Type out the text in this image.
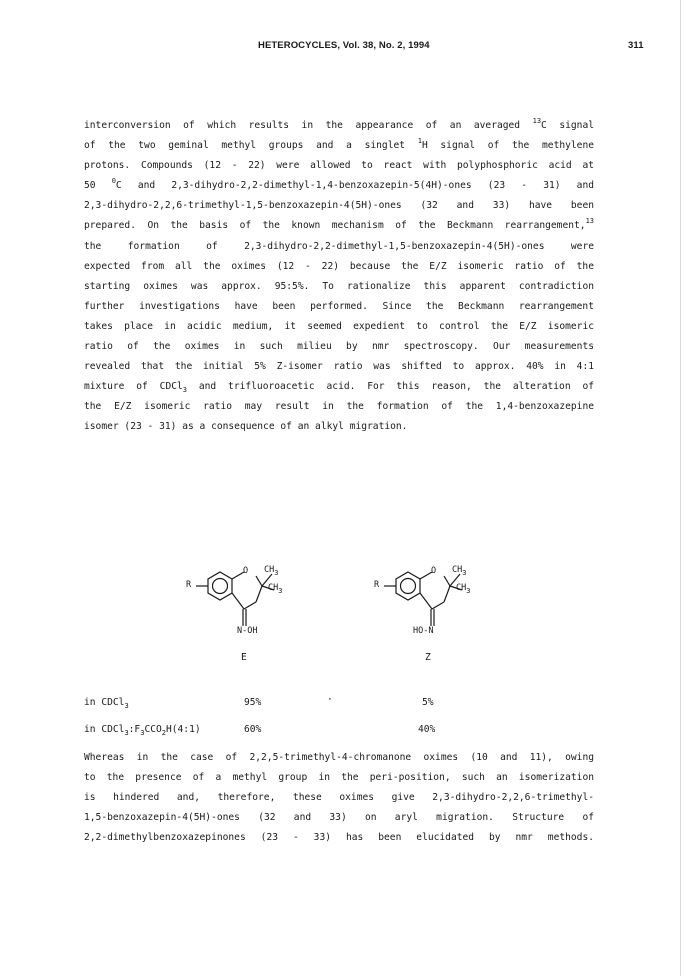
HETEROCYCLES, Vol. 38, No. 2, 1994	311
interconversion of which results in the appearance of an averaged $^{13}$C signal
of the two geminal methyl groups and a singlet $^1$H signal of the methylene
protons. Compounds (12 - 22) were allowed to react with polyphosphoric acid at
50 $^0$C and 2,3-dihydro-2,2-dimethyl-1,4-benzoxazepin-5(4H)-ones (23 - 31) and
2,3-dihydro-2,2,6-trimethyl-1,5-benzoxazepin-4(5H)-ones (32 and 33) have been
prepared. On the basis of the known mechanism of the Beckmann rearrangement,$^{13}$
the formation of 2,3-dihydro-2,2-dimethyl-1,5-benzoxazepin-4(5H)-ones were
expected from all the oximes (12 - 22) because the E/Z isomeric ratio of the
starting oximes was approx. 95:5%. To rationalize this apparent contradiction
further investigations have been performed. Since the Beckmann rearrangement
takes place in acidic medium, it seemed expedient to control the E/Z isomeric
ratio of the oximes in such milieu by nmr spectroscopy. Our measurements
revealed that the initial 5% Z-isomer ratio was shifted to approx. 40% in 4:1
mixture of CDCl$_3$ and trifluoroacetic acid. For this reason, the alteration of
the E/Z isomeric ratio may result in the formation of the 1,4-benzoxazepine
isomer (23 - 31) as a consequence of an alkyl migration.
O $CH_3$
$CH_3$
R
N-OH
E
O $CH_3$
$CH_3$
R
HO-N
Z
in CDCl$_3$	95%	·	5%
in $CDCl_3:F_3CCO_2H(4:1)$	60%	40%
Whereas in the case of 2,2,5-trimethyl-4-chromanone oximes (10 and 11), owing
to the presence of a methyl group in the peri-position, such an isomerization
is hindered and, therefore, these oximes give 2,3-dihydro-2,2,6-trimethyl-
1,5-benzoxazepin-4(5H)-ones (32 and 33) on aryl migration. Structure of
2,2-dimethylbenzoxazepinones (23 - 33) has been elucidated by nmr methods.
